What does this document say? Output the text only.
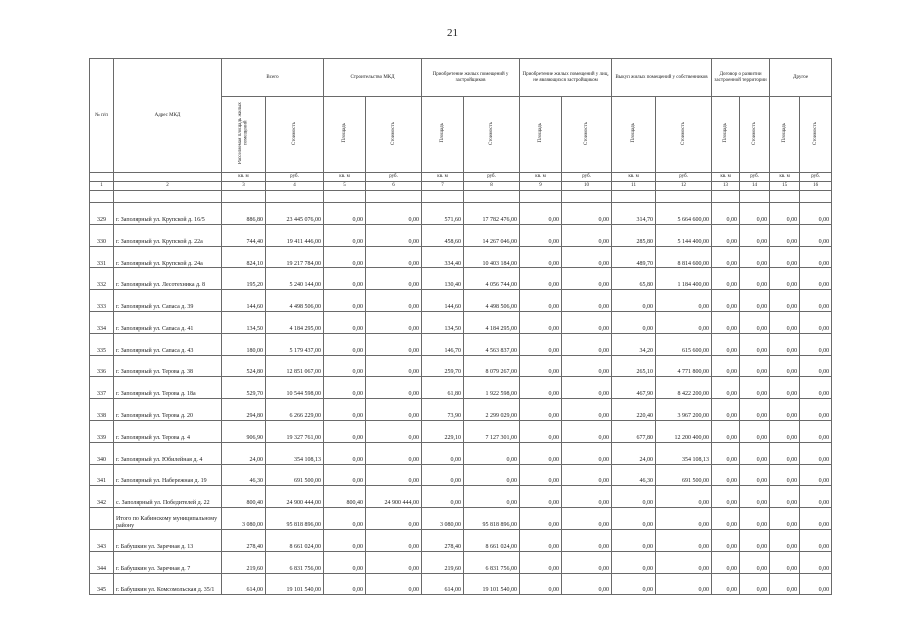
21
№ п/п	Адрес МКД	Всего		Строительство МКД		Приобретение жилых помещений у застройщиков		Приобретение жилых помещений у лиц, не являющихся застройщиком		Выкуп жилых помещений у собственников		Договор о развитии застроенной территории		Другое	
		Расселяемая площадь жилых помещений	Стоимость	Площадь	Стоимость	Площадь	Стоимость	Площадь	Стоимость	Площадь	Стоимость	Площадь	Стоимость	Площадь	Стоимость
		кв. м	руб.	кв. м	руб.	кв. м	руб.	кв. м	руб.	кв. м	руб.	кв. м	руб.	кв. м	руб.
1	2	3	4	5	6	7	8	9	10	11	12	13	14	15	16

329	г. Заполярный ул. Крупской д. 16/5	886,80	23 445 076,00	0,00	0,00	571,60	17 782 476,00	0,00	0,00	314,70	5 664 600,00	0,00	0,00	0,00	0,00
330	г. Заполярный ул. Крупской д. 22а	744,40	19 411 446,00	0,00	0,00	458,60	14 267 046,00	0,00	0,00	285,80	5 144 400,00	0,00	0,00	0,00	0,00
331	г. Заполярный ул. Крупской д. 24а	824,10	19 217 784,00	0,00	0,00	334,40	10 403 184,00	0,00	0,00	489,70	8 814 600,00	0,00	0,00	0,00	0,00
332	г. Заполярный ул. Лесотехника д. 8	195,20	5 240 144,00	0,00	0,00	130,40	4 056 744,00	0,00	0,00	65,80	1 184 400,00	0,00	0,00	0,00	0,00
333	г. Заполярный ул. Сапаса д. 39	144,60	4 498 506,00	0,00	0,00	144,60	4 498 506,00	0,00	0,00	0,00	0,00	0,00	0,00	0,00	0,00
334	г. Заполярный ул. Сапаса д. 41	134,50	4 184 295,00	0,00	0,00	134,50	4 184 295,00	0,00	0,00	0,00	0,00	0,00	0,00	0,00	0,00
335	г. Заполярный ул. Сапаса д. 43	180,00	5 179 437,00	0,00	0,00	146,70	4 563 837,00	0,00	0,00	34,20	615 600,00	0,00	0,00	0,00	0,00
336	г. Заполярный ул. Терова д. 38	524,80	12 851 067,00	0,00	0,00	259,70	8 079 267,00	0,00	0,00	265,10	4 771 800,00	0,00	0,00	0,00	0,00
337	г. Заполярный ул. Терова д. 18а	529,70	10 544 598,00	0,00	0,00	61,80	1 922 598,00	0,00	0,00	467,90	8 422 200,00	0,00	0,00	0,00	0,00
338	г. Заполярный ул. Терова д. 20	294,80	6 266 229,00	0,00	0,00	73,90	2 299 029,00	0,00	0,00	220,40	3 967 200,00	0,00	0,00	0,00	0,00
339	г. Заполярный ул. Терова д. 4	906,90	19 327 761,00	0,00	0,00	229,10	7 127 301,00	0,00	0,00	677,80	12 200 400,00	0,00	0,00	0,00	0,00
340	г. Заполярный ул. Юбилейная д. 4	24,00	354 108,13	0,00	0,00	0,00	0,00	0,00	0,00	24,00	354 108,13	0,00	0,00	0,00	0,00
341	г. Заполярный ул. Набережная д. 19	46,30	691 500,00	0,00	0,00	0,00	0,00	0,00	0,00	46,30	691 500,00	0,00	0,00	0,00	0,00
342	с. Заполярный ул. Победителей д. 22	800,40	24 900 444,00	800,40	24 900 444,00	0,00	0,00	0,00	0,00	0,00	0,00	0,00	0,00	0,00	0,00
	Итого по Кабинскому муниципальному району	3 080,00	95 818 896,00	0,00	0,00	3 080,00	95 818 896,00	0,00	0,00	0,00	0,00	0,00	0,00	0,00	0,00
343	г. Бабушкин ул. Заречная д. 13	278,40	8 661 024,00	0,00	0,00	278,40	8 661 024,00	0,00	0,00	0,00	0,00	0,00	0,00	0,00	0,00
344	г. Бабушкин ул. Заречная д. 7	219,60	6 831 756,00	0,00	0,00	219,60	6 831 756,00	0,00	0,00	0,00	0,00	0,00	0,00	0,00	0,00
345	г. Бабушкин ул. Комсомольская д. 35/1	614,00	19 101 540,00	0,00	0,00	614,00	19 101 540,00	0,00	0,00	0,00	0,00	0,00	0,00	0,00	0,00
